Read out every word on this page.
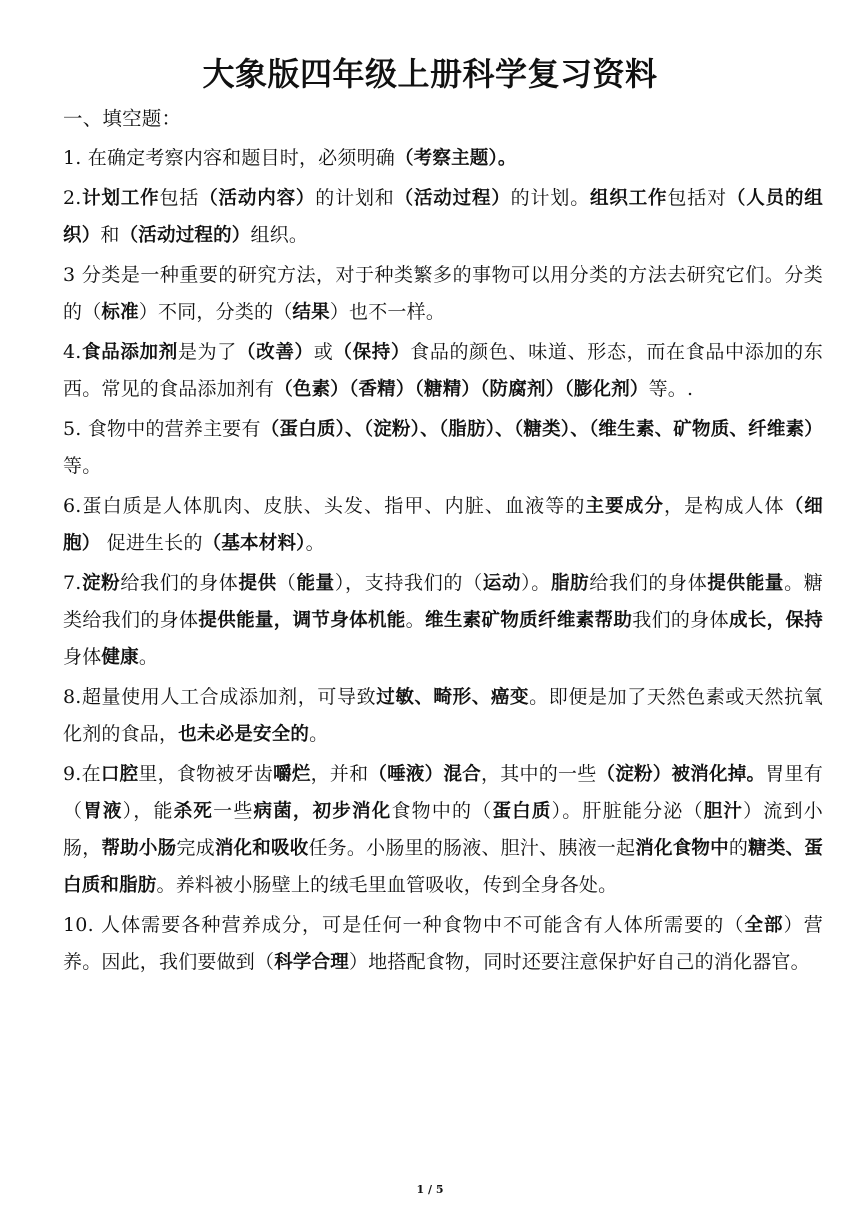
大象版四年级上册科学复习资料

一、填空题：

1. 在确定考察内容和题目时，必须明确（考察主题）。

2.计划工作包括（活动内容）的计划和（活动过程）的计划。组织工作包括对（人员的组织）和（活动过程的）组织。

3 分类是一种重要的研究方法，对于种类繁多的事物可以用分类的方法去研究它们。分类的（标准）不同，分类的（结果）也不一样。

4.食品添加剂是为了（改善）或（保持）食品的颜色、味道、形态，而在食品中添加的东西。常见的食品添加剂有（色素）（香精）（糖精）（防腐剂）（膨化剂）等。.

5. 食物中的营养主要有（蛋白质）、（淀粉）、（脂肪）、（糖类）、（维生素、矿物质、纤维素）等。

6.蛋白质是人体肌肉、皮肤、头发、指甲、内脏、血液等的主要成分，是构成人体（细胞） 促进生长的（基本材料）。

7.淀粉给我们的身体提供（能量），支持我们的（运动）。脂肪给我们的身体提供能量。糖类给我们的身体提供能量，调节身体机能。维生素矿物质纤维素帮助我们的身体成长，保持身体健康。

8.超量使用人工合成添加剂，可导致过敏、畸形、癌变。即便是加了天然色素或天然抗氧化剂的食品，也未必是安全的。

9.在口腔里，食物被牙齿嚼烂，并和（唾液）混合，其中的一些（淀粉）被消化掉。胃里有（胃液），能杀死一些病菌，初步消化食物中的（蛋白质）。肝脏能分泌（胆汁）流到小肠，帮助小肠完成消化和吸收任务。小肠里的肠液、胆汁、胰液一起消化食物中的糖类、蛋白质和脂肪。养料被小肠壁上的绒毛里血管吸收，传到全身各处。

10. 人体需要各种营养成分，可是任何一种食物中不可能含有人体所需要的（全部）营养。因此，我们要做到（科学合理）地搭配食物，同时还要注意保护好自己的消化器官。

1 / 5
